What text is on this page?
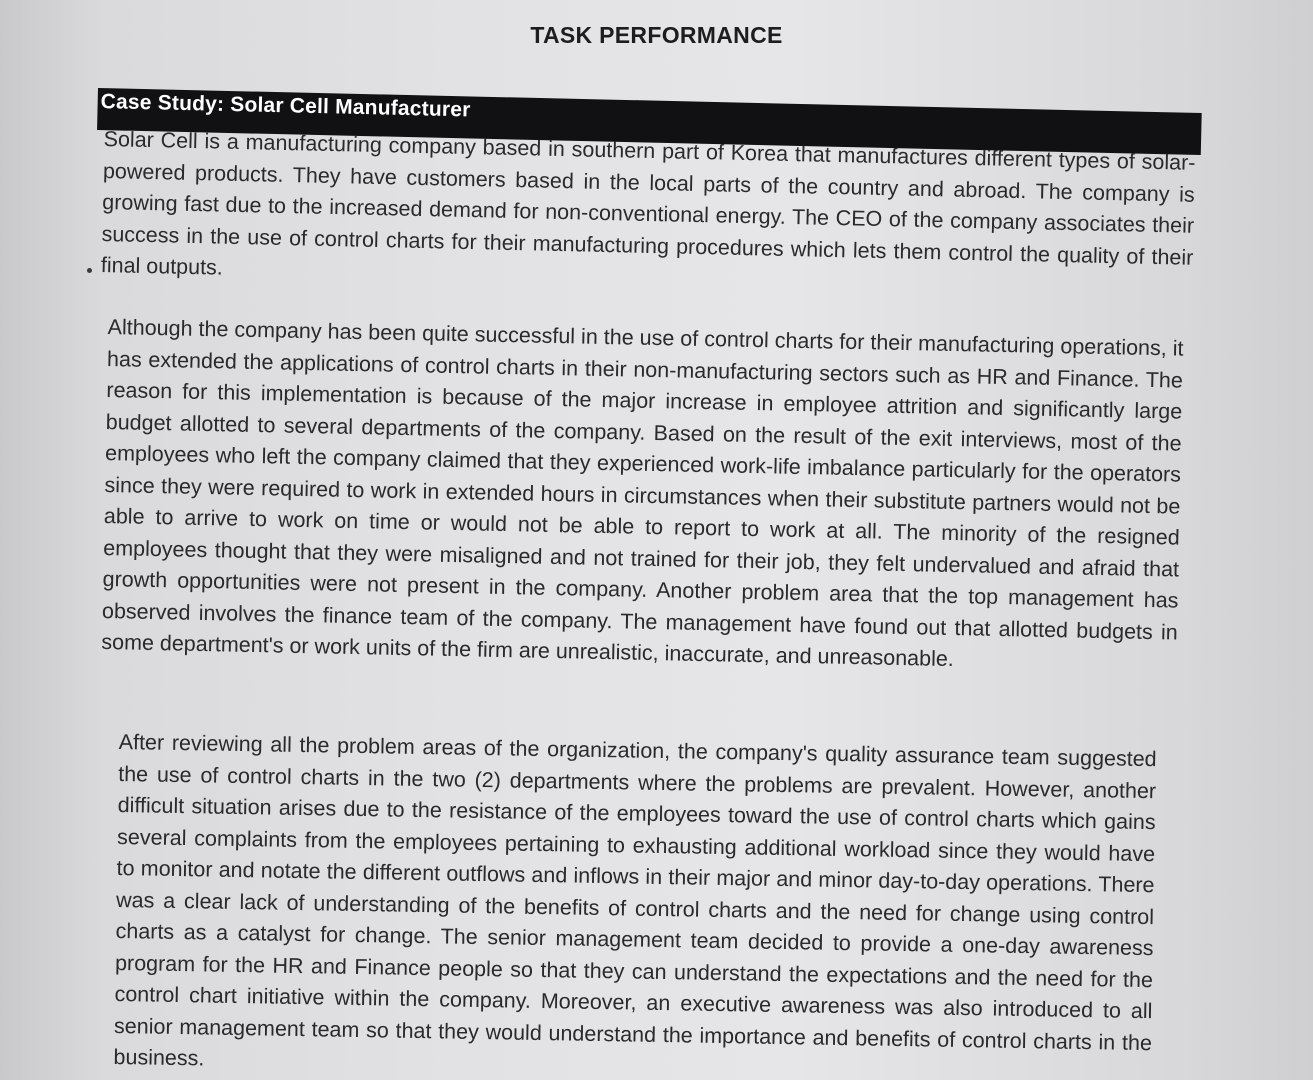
TASK PERFORMANCE
Case Study: Solar Cell Manufacturer

Solar Cell is a manufacturing company based in southern part of Korea that manufactures different types of solar-powered products. They have customers based in the local parts of the country and abroad. The company is growing fast due to the increased demand for non-conventional energy. The CEO of the company associates their success in the use of control charts for their manufacturing procedures which lets them control the quality of their final outputs.

Although the company has been quite successful in the use of control charts for their manufacturing operations, it has extended the applications of control charts in their non-manufacturing sectors such as HR and Finance. The reason for this implementation is because of the major increase in employee attrition and significantly large budget allotted to several departments of the company. Based on the result of the exit interviews, most of the employees who left the company claimed that they experienced work-life imbalance particularly for the operators since they were required to work in extended hours in circumstances when their substitute partners would not be able to arrive to work on time or would not be able to report to work at all. The minority of the resigned employees thought that they were misaligned and not trained for their job, they felt undervalued and afraid that growth opportunities were not present in the company. Another problem area that the top management has observed involves the finance team of the company. The management have found out that allotted budgets in some department's or work units of the firm are unrealistic, inaccurate, and unreasonable.

After reviewing all the problem areas of the organization, the company's quality assurance team suggested the use of control charts in the two (2) departments where the problems are prevalent. However, another difficult situation arises due to the resistance of the employees toward the use of control charts which gains several complaints from the employees pertaining to exhausting additional workload since they would have to monitor and notate the different outflows and inflows in their major and minor day-to-day operations. There was a clear lack of understanding of the benefits of control charts and the need for change using control charts as a catalyst for change. The senior management team decided to provide a one-day awareness program for the HR and Finance people so that they can understand the expectations and the need for the control chart initiative within the company. Moreover, an executive awareness was also introduced to all senior management team so that they would understand the importance and benefits of control charts in the business.
